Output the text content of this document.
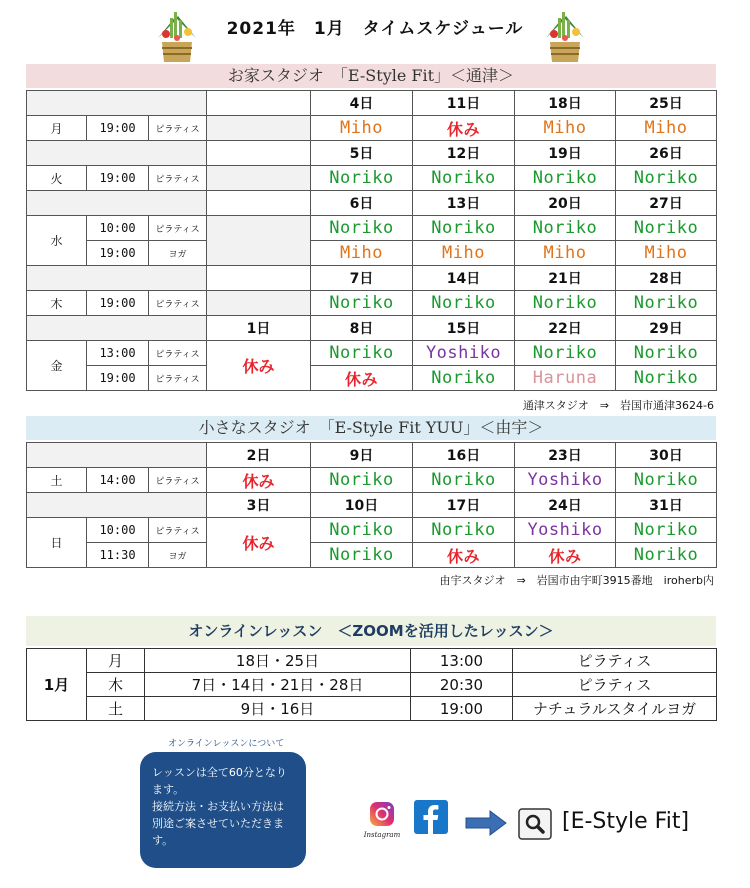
2021年　1月　タイムスケジュール
お家スタジオ　「E-Style Fit」＜通津＞
				4日	11日	18日	25日
月	19:00	ピラティス		Miho	休み	Miho	Miho
				5日	12日	19日	26日
火	19:00	ピラティス		Noriko	Noriko	Noriko	Noriko
				6日	13日	20日	27日
水	10:00	ピラティス		Noriko	Noriko	Noriko	Noriko
	19:00	ヨガ		Miho	Miho	Miho	Miho
				7日	14日	21日	28日
木	19:00	ピラティス		Noriko	Noriko	Noriko	Noriko
			1日	8日	15日	22日	29日
金	13:00	ピラティス	休み	Noriko	Yoshiko	Noriko	Noriko
	19:00	ピラティス		休み	Noriko	Haruna	Noriko
通津スタジオ　⇒　岩国市通津3624-6
小さなスタジオ　「E-Style Fit YUU」＜由宇＞
			2日	9日	16日	23日	30日
土	14:00	ピラティス	休み	Noriko	Noriko	Yoshiko	Noriko
			3日	10日	17日	24日	31日
日	10:00	ピラティス	休み	Noriko	Noriko	Yoshiko	Noriko
	11:30	ヨガ		Noriko	休み	休み	Noriko
由宇スタジオ　⇒　岩国市由宇町3915番地　iroherb内
オンラインレッスン　＜ZOOMを活用したレッスン＞
1月	月	18日・25日	13:00	ピラティス
	木	7日・14日・21日・28日	20:30	ピラティス
	土	9日・16日	19:00	ナチュラルスタイルヨガ
オンラインレッスンについて

レッスンは全て60分となります。

接続方法・お支払い方法は別途ご案させていただきます。	Instagram
[E-Style Fit]
